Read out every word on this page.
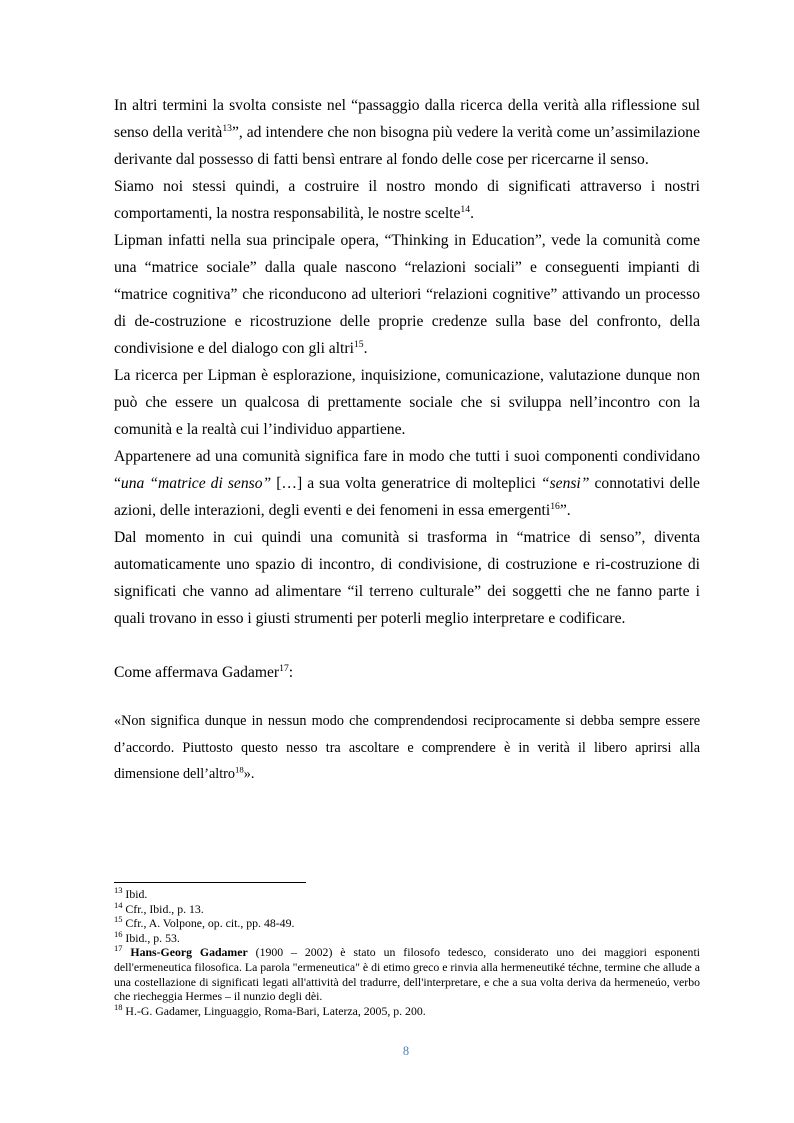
In altri termini la svolta consiste nel “passaggio dalla ricerca della verità alla riflessione sul senso della verità$^{13}$”, ad intendere che non bisogna più vedere la verità come un’assimilazione derivante dal possesso di fatti bensì entrare al fondo delle cose per ricercarne il senso.

Siamo noi stessi quindi, a costruire il nostro mondo di significati attraverso i nostri comportamenti, la nostra responsabilità, le nostre scelte$^{14}$.

Lipman infatti nella sua principale opera, “Thinking in Education”, vede la comunità come una “matrice sociale” dalla quale nascono “relazioni sociali” e conseguenti impianti di “matrice cognitiva” che riconducono ad ulteriori “relazioni cognitive” attivando un processo di de-costruzione e ricostruzione delle proprie credenze sulla base del confronto, della condivisione e del dialogo con gli altri$^{15}$.

La ricerca per Lipman è esplorazione, inquisizione, comunicazione, valutazione dunque non può che essere un qualcosa di prettamente sociale che si sviluppa nell’incontro con la comunità e la realtà cui l’individuo appartiene.

Appartenere ad una comunità significa fare in modo che tutti i suoi componenti condividano “una “matrice di senso” […] a sua volta generatrice di molteplici “sensi” connotativi delle azioni, delle interazioni, degli eventi e dei fenomeni in essa emergenti$^{16}$”.

Dal momento in cui quindi una comunità si trasforma in “matrice di senso”, diventa automaticamente uno spazio di incontro, di condivisione, di costruzione e ri-costruzione di significati che vanno ad alimentare “il terreno culturale” dei soggetti che ne fanno parte i quali trovano in esso i giusti strumenti per poterli meglio interpretare e codificare.

Come affermava Gadamer$^{17}$:

«Non significa dunque in nessun modo che comprendendosi reciprocamente si debba sempre essere d’accordo. Piuttosto questo nesso tra ascoltare e comprendere è in verità il libero aprirsi alla dimensione dell’altro$^{18}$».

$^{13}$ Ibid.

$^{14}$ Cfr., Ibid., p. 13.

$^{15}$ Cfr., A. Volpone, op. cit., pp. 48-49.

$^{16}$ Ibid., p. 53.

$^{17}$ Hans-Georg Gadamer (1900 – 2002) è stato un filosofo tedesco, considerato uno dei maggiori esponenti dell'ermeneutica filosofica. La parola "ermeneutica" è di etimo greco e rinvia alla hermeneutiké téchne, termine che allude a una costellazione di significati legati all'attività del tradurre, dell'interpretare, e che a sua volta deriva da hermeneúo, verbo che riecheggia Hermes – il nunzio degli dèi.

$^{18}$ H.-G. Gadamer, Linguaggio, Roma-Bari, Laterza, 2005, p. 200.

8
